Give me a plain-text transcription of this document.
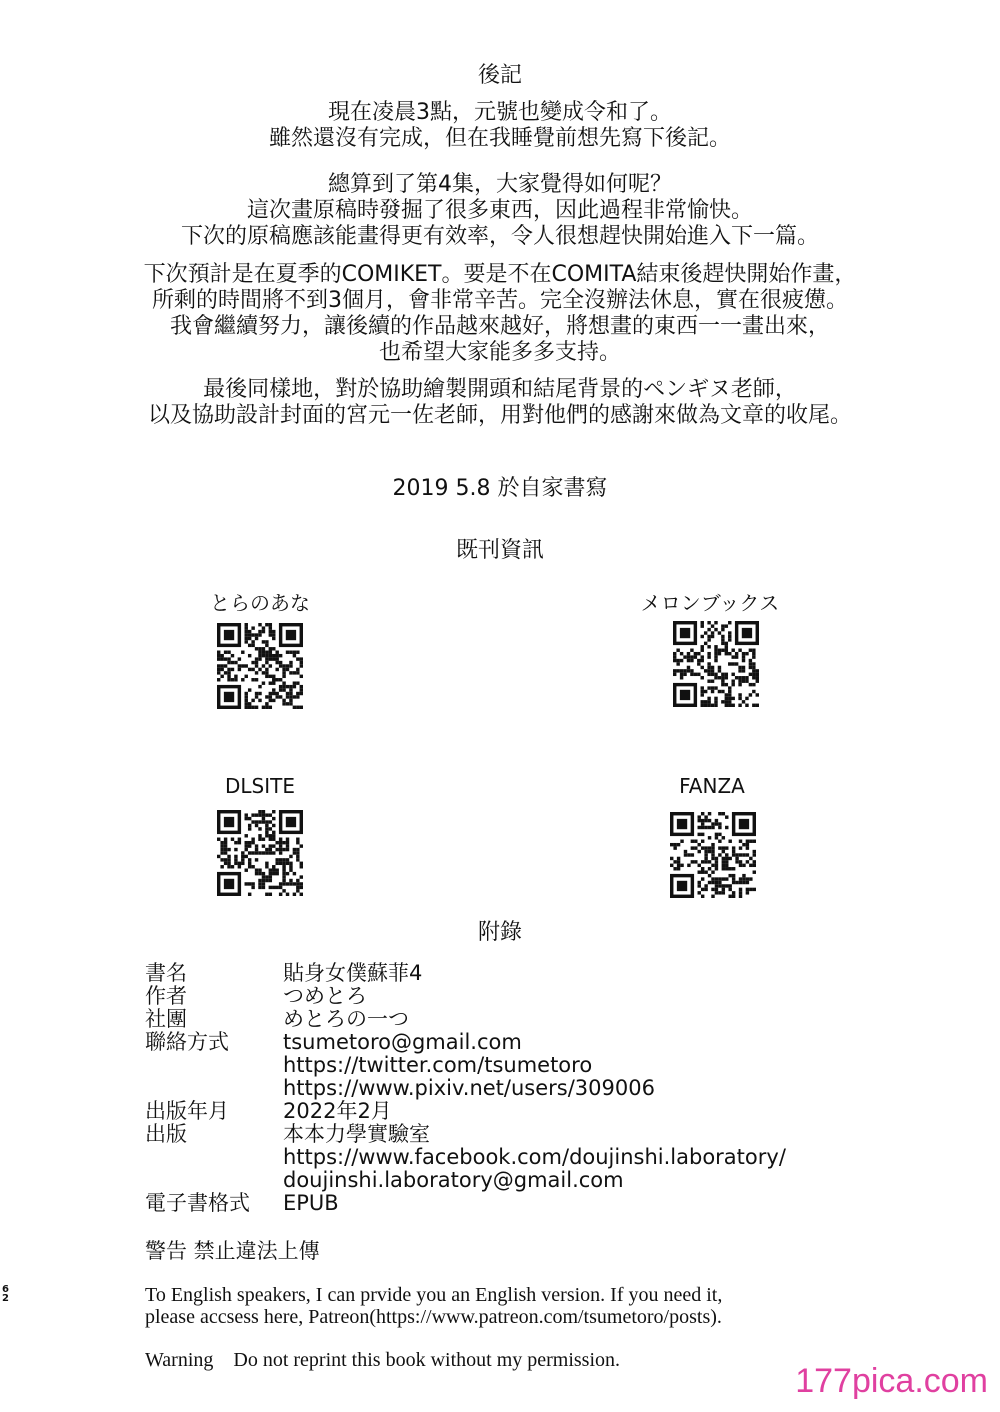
後記
現在凌晨3點，元號也變成令和了。
雖然還沒有完成，但在我睡覺前想先寫下後記。
總算到了第4集，大家覺得如何呢？
這次畫原稿時發掘了很多東西，因此過程非常愉快。
下次的原稿應該能畫得更有效率，令人很想趕快開始進入下一篇。
下次預計是在夏季的COMIKET。要是不在COMITA結束後趕快開始作畫，
所剩的時間將不到3個月，會非常辛苦。完全沒辦法休息，實在很疲憊。
我會繼續努力，讓後續的作品越來越好，將想畫的東西一一畫出來，
也希望大家能多多支持。
最後同樣地，對於協助繪製開頭和結尾背景的ペンギヌ老師，
以及協助設計封面的宮元一佐老師，用對他們的感謝來做為文章的收尾。
2019 5.8 於自家書寫
既刊資訊
とらのあな	メロンブックス
DLSITE	FANZA
附錄
書名	貼身女僕蘇菲4
作者	つめとろ
社團	めとろの一つ
聯絡方式	tsumetoro@gmail.com
https://twitter.com/tsumetoro
https://www.pixiv.net/users/309006
出版年月	2022年2月
出版	本本力學實驗室
https://www.facebook.com/doujinshi.laboratory/
doujinshi.laboratory@gmail.com
電子書格式 EPUB
警告 禁止違法上傳
To English speakers, I can prvide you an English version. If you need it,
please accsess here, Patreon(https://www.patreon.com/tsumetoro/posts).
Warning    Do not reprint this book without my permission.
6
2
177pica.com
